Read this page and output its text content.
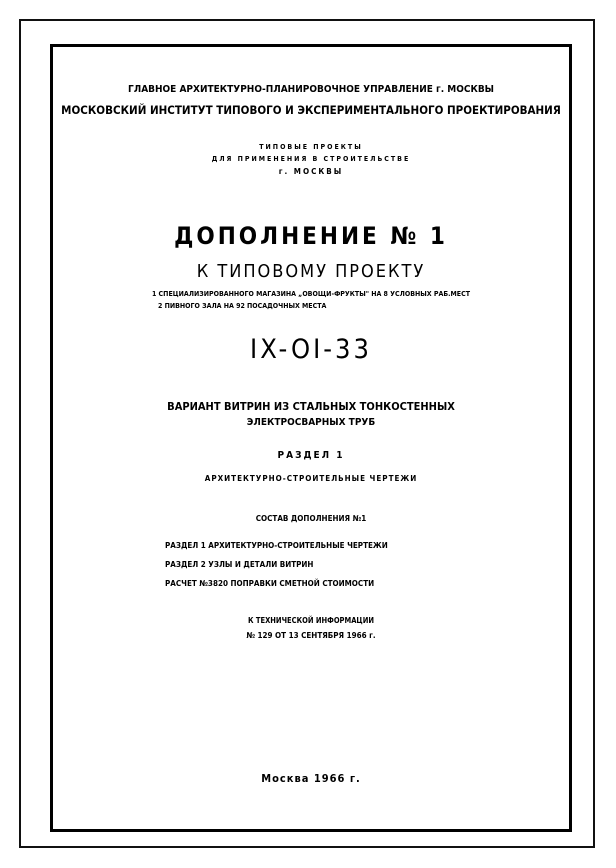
ГЛАВНОЕ АРХИТЕКТУРНО-ПЛАНИРОВОЧНОЕ УПРАВЛЕНИЕ г. МОСКВЫ
МОСКОВСКИЙ ИНСТИТУТ ТИПОВОГО И ЭКСПЕРИМЕНТАЛЬНОГО ПРОЕКТИРОВАНИЯ
ТИПОВЫЕ ПРОЕКТЫ
ДЛЯ ПРИМЕНЕНИЯ В СТРОИТЕЛЬСТВЕ
г. МОСКВЫ
ДОПОЛНЕНИЕ № 1
К ТИПОВОМУ ПРОЕКТУ
1 СПЕЦИАЛИЗИРОВАННОГО МАГАЗИНА „ОВОЩИ-ФРУКТЫ" НА 8 УСЛОВНЫХ РАБ.МЕСТ
2 ПИВНОГО ЗАЛА НА 92 ПОСАДОЧНЫХ МЕСТА
IX-OI-33
ВАРИАНТ ВИТРИН ИЗ СТАЛЬНЫХ ТОНКОСТЕННЫХ
ЭЛЕКТРОСВАРНЫХ ТРУБ
РАЗДЕЛ 1
АРХИТЕКТУРНО-СТРОИТЕЛЬНЫЕ ЧЕРТЕЖИ
СОСТАВ ДОПОЛНЕНИЯ №1
РАЗДЕЛ 1 АРХИТЕКТУРНО-СТРОИТЕЛЬНЫЕ ЧЕРТЕЖИ
РАЗДЕЛ 2 УЗЛЫ И ДЕТАЛИ ВИТРИН
РАСЧЕТ №3820 ПОПРАВКИ СМЕТНОЙ СТОИМОСТИ
К ТЕХНИЧЕСКОЙ ИНФОРМАЦИИ
№ 129 ОТ 13 СЕНТЯБРЯ 1966 г.
Москва 1966 г.
